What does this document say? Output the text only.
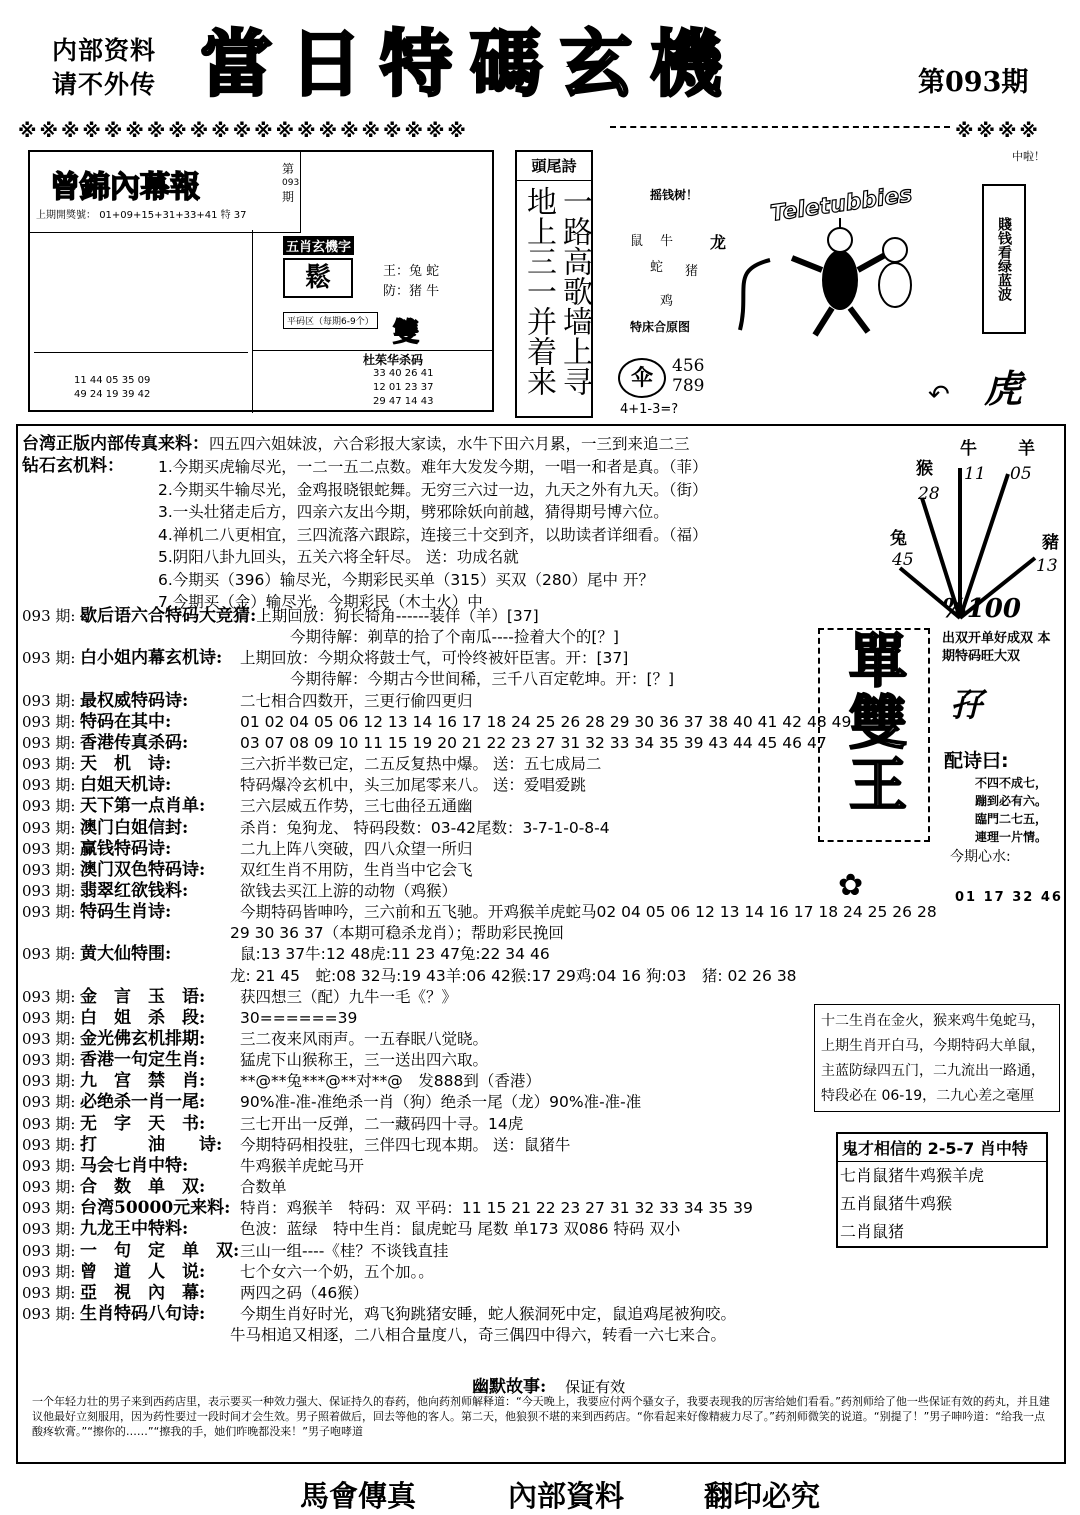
内部资料
请不外传 當日特碼玄機	第093期
※※※※※※※※※※※※※※※※※※※※※	※※※※
曾錦內幕報
第
093
期
上期開獎號： 01+09+15+31+33+41 特 37
五肖玄機字
鬆	王：兔 蛇
防：猪 牛
平码区（每期6-9个） 雙
杜茱华杀码
33 40 26 41
12 01 23 37
29 47 14 43
11 44 05 35 09
49 24 19 39 42
頭尾詩
一路高歌墙上寻
地上三一并着来	摇钱树！	Teletubbies
鼠 牛 龙
蛇 猪
鸡
特床合原图
伞	456
789
4+1-3=?
中啦！
賤钱看绿蓝波
虎
↶
台湾正版内部传真来料：四五四六姐妹波，六合彩报大家读，水牛下田六月累，一三到来追二三
钻石玄机料： 1.今期买虎输尽光，一二一五二点数。难年大发发今期，一唱一和者是真。（菲）
2.今期买牛输尽光，金鸡报晓银蛇舞。无穷三六过一边，九天之外有九天。（街）
3.一头壮猪走后方，四亲六友出今期，劈邪除妖向前越，猜得期号博六位。
4.禅机二八更相宜，三四流落六跟踪，连接三十交到齐，以助读者详细看。（福）
5.阴阳八卦九回头，五关六将全轩尽。 送：功成名就
6.今期买（396）输尽光，今期彩民买单（315）买双（280）尾中 开？
7.今期买（金）输尽光，今期彩民（木土火）中
093 期: 歇后语六合特码大竞猜:上期回放：狗长犄角------装佯（羊）[37]
今期待解：剃草的拾了个南瓜----捡着大个的[？]
093 期: 白小姐内幕玄机诗: 上期回放：今期众将鼓士气，可怜终被奸臣害。开：[37]
今期待解：今期古今世间稀，三千八百定乾坤。开：[？]
093 期: 最权威特码诗:	二七相合四数开，三更行偷四更归
093 期: 特码在其中:	01 02 04 05 06 12 13 14 16 17 18 24 25 26 28 29 30 36 37 38 40 41 42 48 49
093 期: 香港传真杀码:	03 07 08 09 10 11 15 19 20 21 22 23 27 31 32 33 34 35 39 43 44 45 46 47
093 期: 天　机　诗:	三六折半数已定，二五反复热中爆。 送：五七成局二
093 期: 白姐天机诗:	特码爆冷玄机中，头三加尾零来八。 送：爱唱爱跳
093 期: 天下第一点肖单: 三六层威五作势，三七曲径五通幽
093 期: 澳门白姐信封:	杀肖：兔狗龙、 特码段数：03-42尾数：3-7-1-0-8-4
093 期: 赢钱特码诗:	二九上阵八突破，四八众望一所归
093 期: 澳门双色特码诗: 双红生肖不用防，生肖当中它会飞
093 期: 翡翠红欲钱料:	欲钱去买江上游的动物（鸡猴）
093 期: 特码生肖诗:	今期特码皆呻吟，三六前和五飞驰。开鸡猴羊虎蛇马02 04 05 06 12 13 14 16 17 18 24 25 26 28
29 30 36 37（本期可稳杀龙肖）；帮助彩民挽回
093 期: 黄大仙特围:	鼠:13 37牛:12 48虎:11 23 47兔:22 34 46
龙: 21 45　蛇:08 32马:19 43羊:06 42猴:17 29鸡:04 16 狗:03　猪: 02 26 38
093 期: 金　言　玉　语: 获四想三（配）九牛一毛《？》
093 期: 白　姐　杀　段: 30======39
093 期: 金光佛玄机排期: 三二夜来风雨声。一五春眠八觉晓。
093 期: 香港一句定生肖: 猛虎下山猴称王，三一送出四六取。
093 期: 九　宫　禁　肖: **@**兔***@**对**@　发888到（香港）
093 期: 必绝杀一肖一尾: 90%准-准-准绝杀一肖（狗）绝杀一尾（龙）90%准-准-准
093 期: 无　字　天　书: 三七开出一反弹，二一藏码四十寻。14虎
093 期: 打　　　油　　诗: 今期特码相投驻，三伴四七现本期。 送：鼠猪牛
093 期: 马会七肖中特:	牛鸡猴羊虎蛇马开
093 期: 合　数　单　双: 合数单
093 期: 台湾50000元来料: 特肖：鸡猴羊　特码：双 平码：11 15 21 22 23 27 31 32 33 34 35 39
093 期: 九龙王中特料:	色波：蓝绿　特中生肖：鼠虎蛇马 尾数 单173 双086 特码 双小
093 期: 一　句　定　单　双:三山一组----《桂？不谈钱直挂
093 期: 曾　道　人　说: 七个女六一个奶，五个加。。
093 期: 亞　視　內　幕: 两四之码（46猴）
093 期: 生肖特码八句诗: 今期生肖好时光，鸡飞狗跳猪安睡，蛇人猴洞死中定，鼠追鸡尾被狗咬。
牛马相追又相逐，二八相合量度八，奇三偶四中得六，转看一六七来合。
幽默故事: 保证有效
一个年轻力壮的男子来到西药店里，表示要买一种效力强大、保证持久的春药，他向药剂师解释道：“今天晚上，我要应付两个骚女子，我要表现我的厉害给她们看看。”药剂师给了他一些保证有效的药丸，并且建议他最好立刻服用，因为药性要过一段时间才会生效。男子照着做后，回去等他的客人。第二天，他狼狈不堪的来到西药店。“你看起来好像精疲力尽了。”药剂师微笑的说道。“别提了！”男子呻吟道：“给我一点酸疼软膏。”“擦你的……”“擦我的手，她们昨晚都没来！”男子咆哮道
牛
11
羊
05
猴
28
兔
45
豬
13
%100
出双开单好成双 本期特码旺大双
單雙王	孖
配诗曰:
不四不成七，
蹦到必有六。
臨門二七五，
連理一片情。
今期心水:
✿	01 17 32 46
十二生肖在金火，猴来鸡牛兔蛇马，
上期生肖开白马，今期特码大单鼠，
主蓝防绿四五门，二九流出一路通，
特段必在 06-19，二九心差之毫厘
鬼才相信的 2-5-7 肖中特
七肖鼠猪牛鸡猴羊虎
五肖鼠猪牛鸡猴
二肖鼠猪
馬會傳真	內部資料	翻印必究
